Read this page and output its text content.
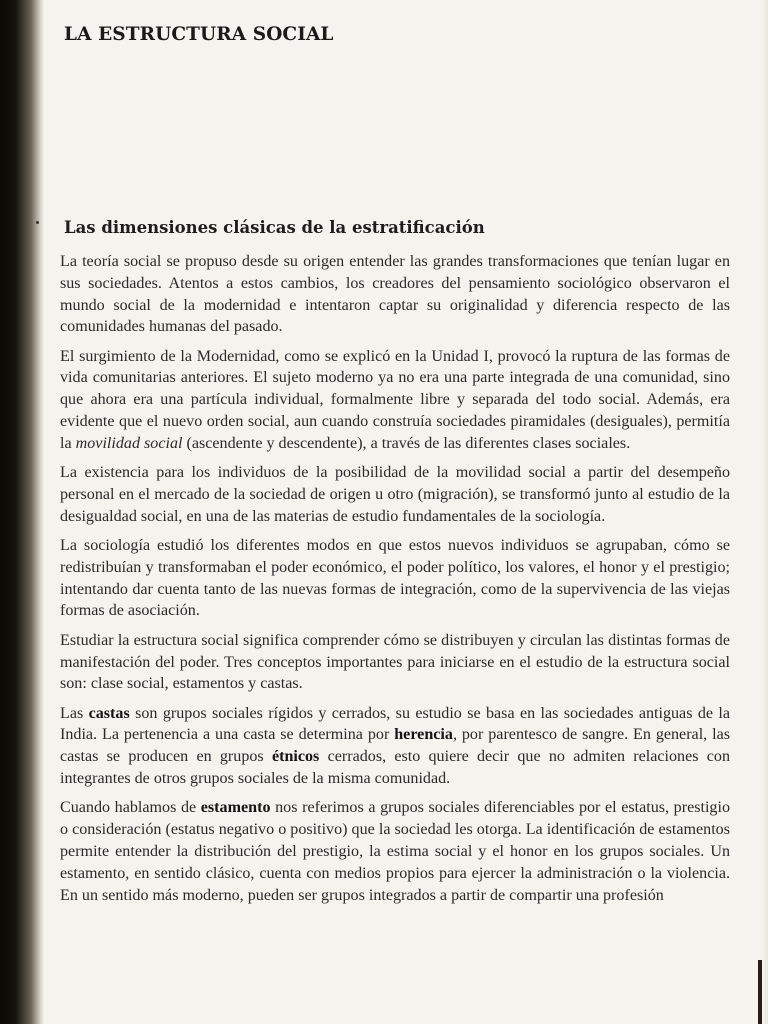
LA ESTRUCTURA SOCIAL
Las dimensiones clásicas de la estratificación

La teoría social se propuso desde su origen entender las grandes transformaciones que tenían lugar en sus sociedades. Atentos a estos cambios, los creadores del pensamiento sociológico observaron el mundo social de la modernidad e intentaron captar su originalidad y diferencia respecto de las comunidades humanas del pasado.

El surgimiento de la Modernidad, como se explicó en la Unidad I, provocó la ruptura de las formas de vida comunitarias anteriores. El sujeto moderno ya no era una parte integrada de una comunidad, sino que ahora era una partícula individual, formalmente libre y separada del todo social. Además, era evidente que el nuevo orden social, aun cuando construía sociedades piramidales (desiguales), permitía la movilidad social (ascendente y descendente), a través de las diferentes clases sociales.

La existencia para los individuos de la posibilidad de la movilidad social a partir del desempeño personal en el mercado de la sociedad de origen u otro (migración), se transformó junto al estudio de la desigualdad social, en una de las materias de estudio fundamentales de la sociología.

La sociología estudió los diferentes modos en que estos nuevos individuos se agrupaban, cómo se redistribuían y transformaban el poder económico, el poder político, los valores, el honor y el prestigio; intentando dar cuenta tanto de las nuevas formas de integración, como de la supervivencia de las viejas formas de asociación.

Estudiar la estructura social significa comprender cómo se distribuyen y circulan las distintas formas de manifestación del poder. Tres conceptos importantes para iniciarse en el estudio de la estructura social son: clase social, estamentos y castas.

Las castas son grupos sociales rígidos y cerrados, su estudio se basa en las sociedades antiguas de la India. La pertenencia a una casta se determina por herencia, por parentesco de sangre. En general, las castas se producen en grupos étnicos cerrados, esto quiere decir que no admiten relaciones con integrantes de otros grupos sociales de la misma comunidad.

Cuando hablamos de estamento nos referimos a grupos sociales diferenciables por el estatus, prestigio o consideración (estatus negativo o positivo) que la sociedad les otorga. La identificación de estamentos permite entender la distribución del prestigio, la estima social y el honor en los grupos sociales. Un estamento, en sentido clásico, cuenta con medios propios para ejercer la administración o la violencia. En un sentido más moderno, pueden ser grupos integrados a partir de compartir una profesión
